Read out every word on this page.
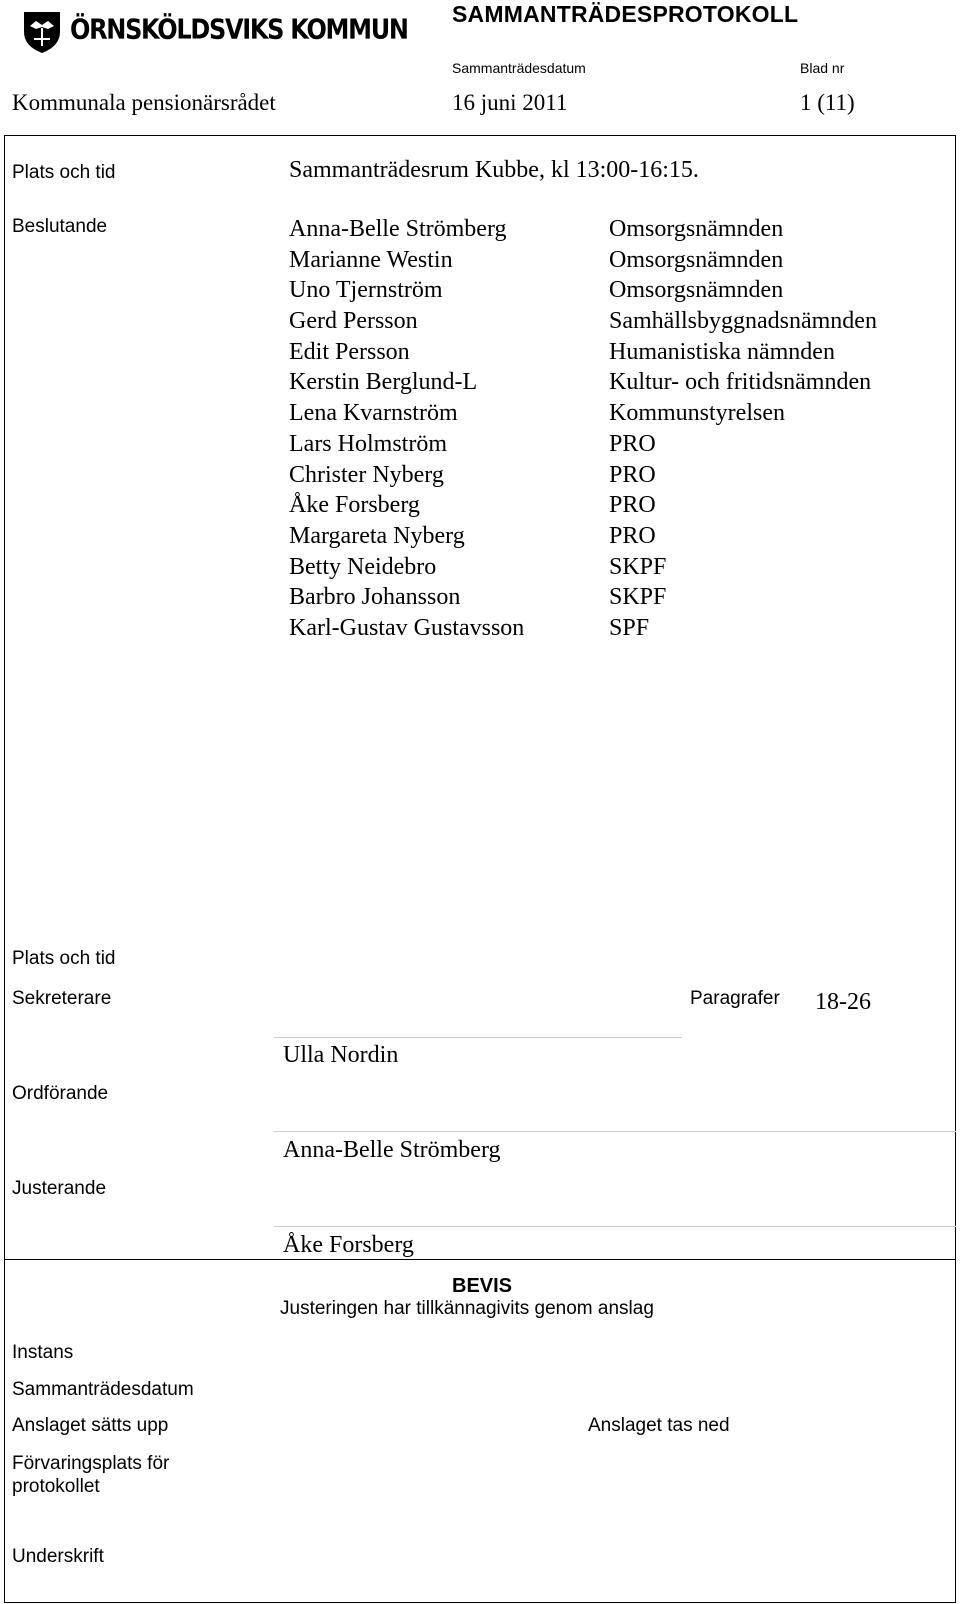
ÖRNSKÖLDSVIKS KOMMUN SAMMANTRÄDESPROTOKOLL
Sammanträdesdatum	Blad nr
Kommunala pensionärsrådet	16 juni 2011	1 (11)
Plats och tid	Sammanträdesrum Kubbe, kl 13:00-16:15.
Beslutande	Anna-Belle Strömberg	Omsorgsnämnden
Marianne Westin	Omsorgsnämnden
Uno Tjernström	Omsorgsnämnden
Gerd Persson	Samhällsbyggnadsnämnden
Edit Persson	Humanistiska nämnden
Kerstin Berglund-L	Kultur- och fritidsnämnden
Lena Kvarnström	Kommunstyrelsen
Lars Holmström	PRO
Christer Nyberg	PRO
Åke Forsberg	PRO
Margareta Nyberg	PRO
Betty Neidebro	SKPF
Barbro Johansson	SKPF
Karl-Gustav Gustavsson	SPF
Plats och tid
Sekreterare	Paragrafer 18-26
Ulla Nordin
Ordförande
Anna-Belle Strömberg
Justerande
Åke Forsberg
BEVIS
Justeringen har tillkännagivits genom anslag
Instans
Sammanträdesdatum
Anslaget sätts upp	Anslaget tas ned
Förvaringsplats för protokollet
Underskrift
